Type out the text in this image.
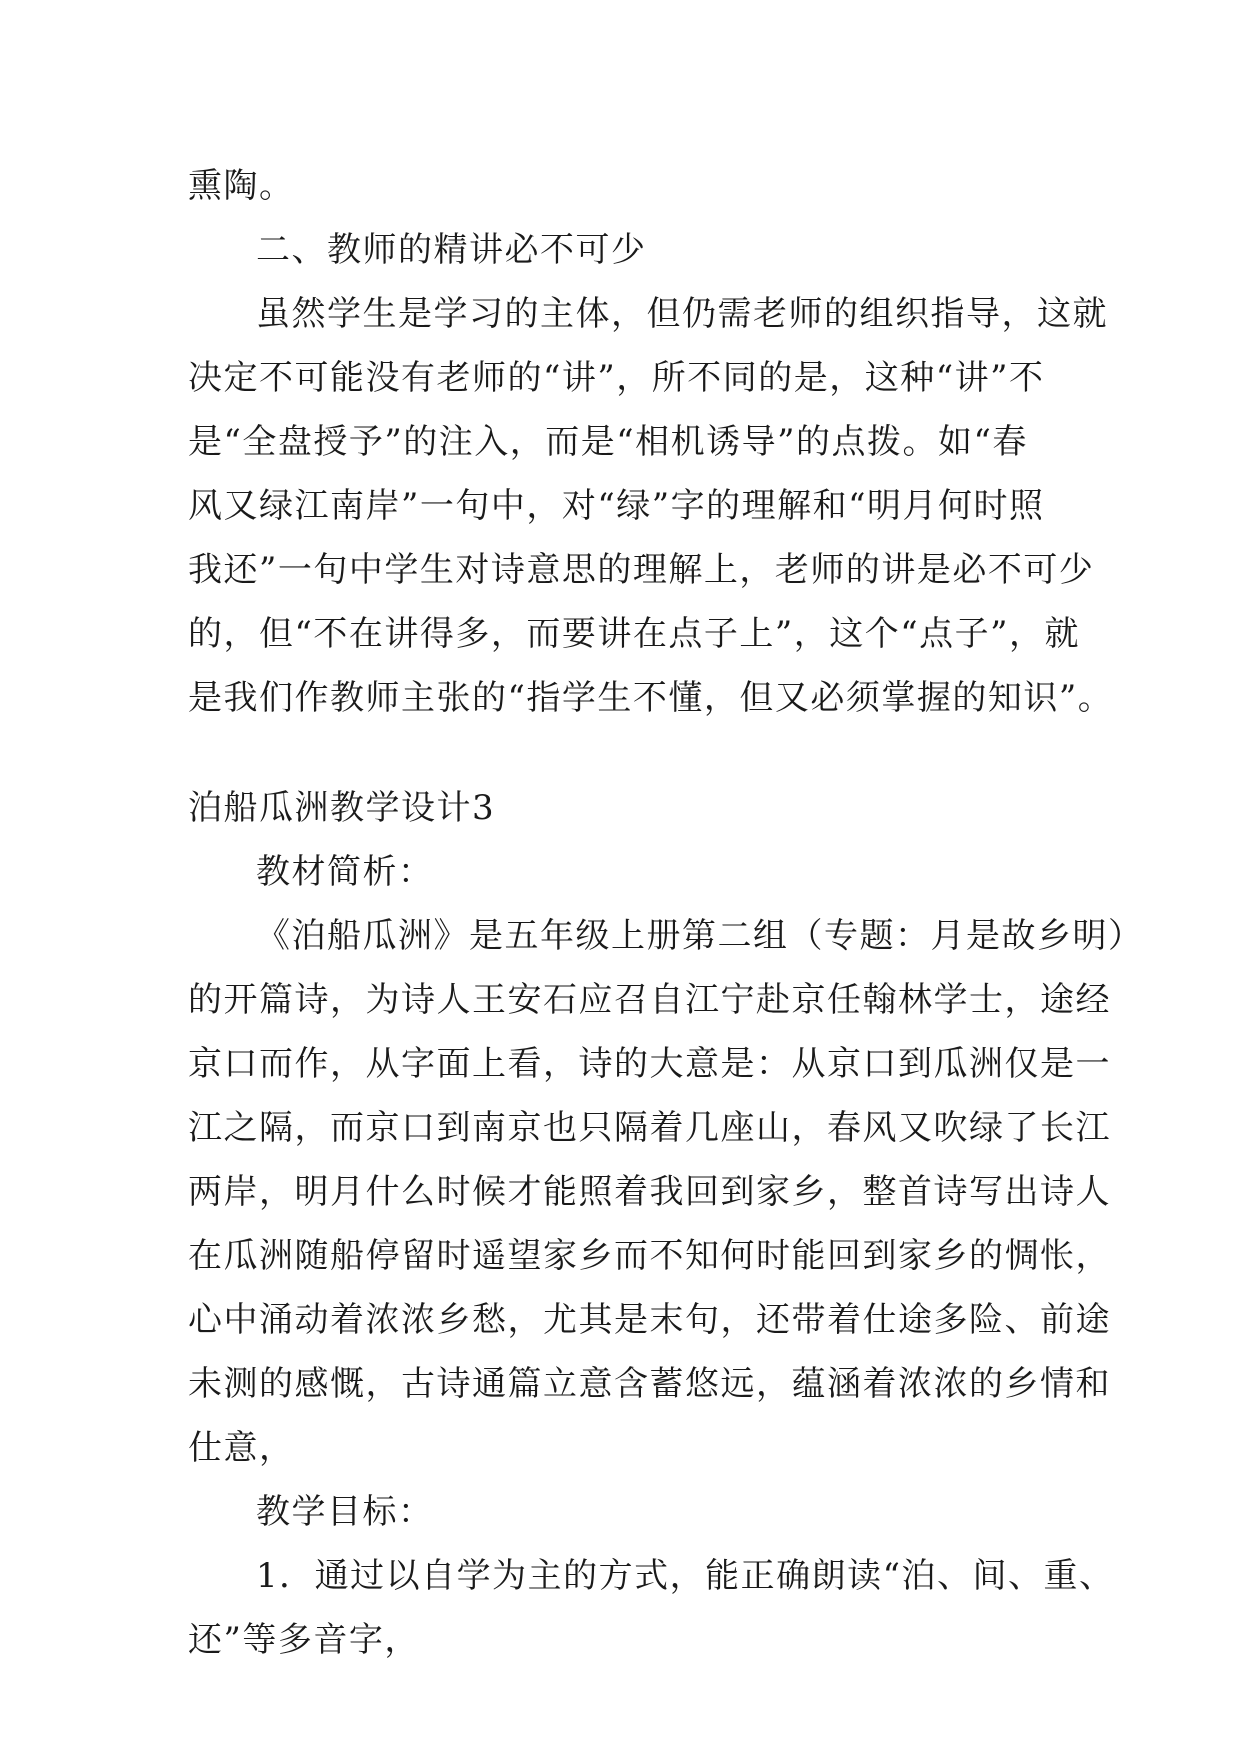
熏陶。
二、教师的精讲必不可少
虽然学生是学习的主体，但仍需老师的组织指导，这就
决定不可能没有老师的“讲”，所不同的是，这种“讲”不
是“全盘授予”的注入，而是“相机诱导”的点拨。如“春
风又绿江南岸”一句中，对“绿”字的理解和“明月何时照
我还”一句中学生对诗意思的理解上，老师的讲是必不可少
的，但“不在讲得多，而要讲在点子上”，这个“点子”，就
是我们作教师主张的“指学生不懂，但又必须掌握的知识”。
泊船瓜洲教学设计3
教材简析：
《泊船瓜洲》是五年级上册第二组（专题：月是故乡明）
的开篇诗，为诗人王安石应召自江宁赴京任翰林学士，途经
京口而作，从字面上看，诗的大意是：从京口到瓜洲仅是一
江之隔，而京口到南京也只隔着几座山，春风又吹绿了长江
两岸，明月什么时候才能照着我回到家乡，整首诗写出诗人
在瓜洲随船停留时遥望家乡而不知何时能回到家乡的惆怅，
心中涌动着浓浓乡愁，尤其是末句，还带着仕途多险、前途
未测的感慨，古诗通篇立意含蓄悠远，蕴涵着浓浓的乡情和
仕意，
教学目标：
1．通过以自学为主的方式，能正确朗读“泊、间、重、
还”等多音字，
